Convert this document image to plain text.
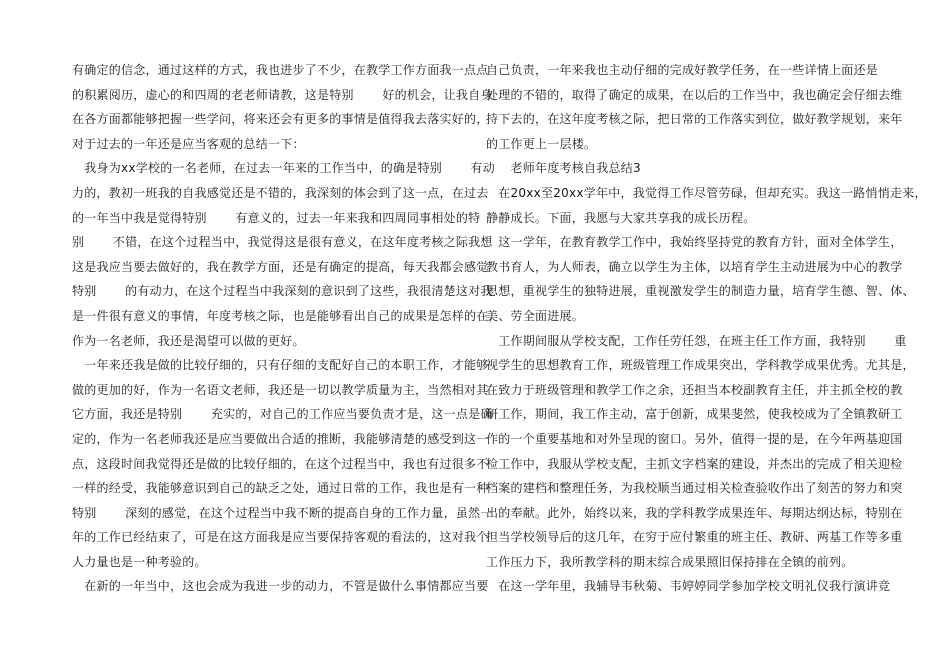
有确定的信念，通过这样的方式，我也进步了不少，在教学工作方面我一点点
的积累阅历，虚心的和四周的老老师请教，这是特别　　 好的机会，让我自身
在各方面都能够把握一些学问，将来还会有更多的事情是值得我去落实好的，
对于过去的一年还是应当客观的总结一下：
　我身为xx学校的一名老师，在过去一年来的工作当中，的确是特别　　 有动
力的，教初一班我的自我感觉还是不错的，我深刻的体会到了这一点，在过去
的一年当中我是觉得特别　　 有意义的，过去一年来我和四周同事相处的特
别　　 不错，在这个过程当中，我觉得这是很有意义，在这年度考核之际我想
这是我应当要去做好的，我在教学方面，还是有确定的提高，每天我都会感觉
特别　　 的有动力，在这个过程当中我深刻的意识到了这些，我很清楚这对我
是一件很有意义的事情，年度考核之际，也是能够看出自己的成果是怎样的在，
作为一名老师，我还是渴望可以做的更好。
　一年来还我是做的比较仔细的，只有仔细的支配好自己的本职工作，才能够
做的更加的好，作为一名语文老师，我还是一切以教学质量为主，当然相对其
它方面，我还是特别　　 充实的，对自己的工作应当要负责才是，这一点是确
定的，作为一名老师我还是应当要做出合适的推断，我能够清楚的感受到这一
点，这段时间我觉得还是做的比较仔细的，在这个过程当中，我也有过很多不
一样的经受，我能够意识到自己的缺乏之处，通过日常的工作，我也是有一种
特别　　 深刻的感觉，在这个过程当中我不断的提高自身的工作力量，虽然一
年的工作已经结束了，可是在这方面我是应当要保持客观的看法的，这对我个
人力量也是一种考验的。
　在新的一年当中，这也会成为我进一步的动力，不管是做什么事情都应当要
自己负责，一年来我也主动仔细的完成好教学任务，在一些详情上面还是
处理的不错的，取得了确定的成果，在以后的工作当中，我也确定会仔细去维
持下去的，在这年度考核之际，把日常的工作落实到位，做好教学规划，来年
的工作更上一层楼。
　　老师年度考核自我总结3
　在20xx至20xx学年中，我觉得工作尽管劳碌，但却充实。我这一路悄悄走来，
静静成长。下面，我愿与大家共享我的成长历程。
　这一学年，在教育教学工作中，我始终坚持党的教育方针，面对全体学生，
教书育人，为人师表，确立以学生为主体，以培育学生主动进展为中心的教学
思想，重视学生的独特进展，重视激发学生的制造力量，培育学生德、智、体、
美、劳全面进展。
　工作期间服从学校支配，工作任劳任怨，在班主任工作方面，我特别　　 重
视学生的思想教育工作，班级管理工作成果突出，学科教学成果优秀。尤其是，
在致力于班级管理和教学工作之余，还担当本校副教育主任，并主抓全校的教
研工作，期间，我工作主动，富于创新，成果斐然，使我校成为了全镇教研工
作的一个重要基地和对外呈现的窗口。另外，值得一提的是，在今年两基迎国
检工作中，我服从学校支配，主抓文字档案的建设，并杰出的完成了相关迎检
档案的建档和整理任务，为我校顺当通过相关检查验收作出了刻苦的努力和突
出的奉献。此外，始终以来，我的学科教学成果连年、每期达纲达标，特别在
担当学校领导后的这几年，在穷于应付繁重的班主任、教研、两基工作等多重
工作压力下，我所教学科的期末综合成果照旧保持排在全镇的前列。
　在这一学年里，我辅导韦秋菊、韦婷婷同学参加学校文明礼仪我行演讲竞
